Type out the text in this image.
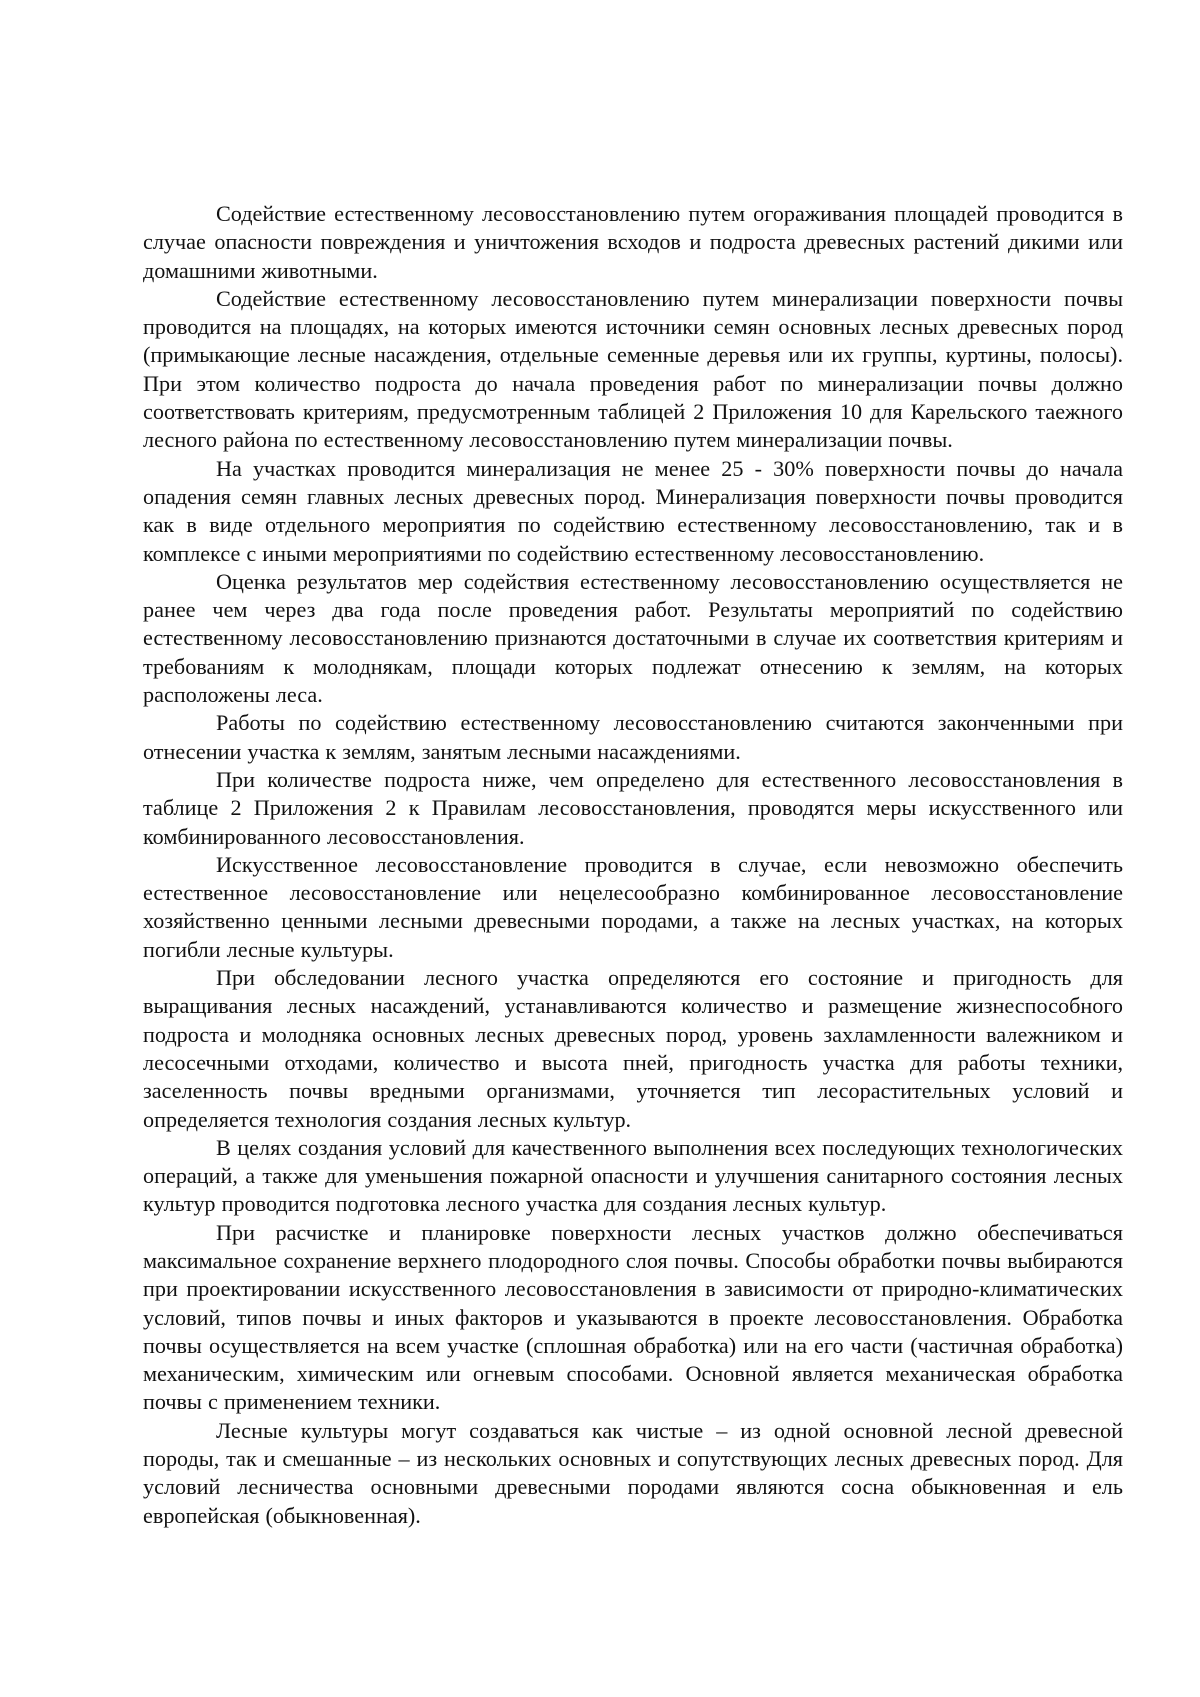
Содействие естественному лесовосстановлению путем огораживания площадей проводится в случае опасности повреждения и уничтожения всходов и подроста древесных растений дикими или домашними животными.

Содействие естественному лесовосстановлению путем минерализации поверхности почвы проводится на площадях, на которых имеются источники семян основных лесных древесных пород (примыкающие лесные насаждения, отдельные семенные деревья или их группы, куртины, полосы). При этом количество подроста до начала проведения работ по минерализации почвы должно соответствовать критериям, предусмотренным таблицей 2 Приложения 10 для Карельского таежного лесного района по естественному лесовосстановлению путем минерализации почвы.

На участках проводится минерализация не менее 25 - 30% поверхности почвы до начала опадения семян главных лесных древесных пород. Минерализация поверхности почвы проводится как в виде отдельного мероприятия по содействию естественному лесовосстановлению, так и в комплексе с иными мероприятиями по содействию естественному лесовосстановлению.

Оценка результатов мер содействия естественному лесовосстановлению осуществляется не ранее чем через два года после проведения работ. Результаты мероприятий по содействию естественному лесовосстановлению признаются достаточными в случае их соответствия критериям и требованиям к молоднякам, площади которых подлежат отнесению к землям, на которых расположены леса.

Работы по содействию естественному лесовосстановлению считаются законченными при отнесении участка к землям, занятым лесными насаждениями.

При количестве подроста ниже, чем определено для естественного лесовосстановления в таблице 2 Приложения 2 к Правилам лесовосстановления, проводятся меры искусственного или комбинированного лесовосстановления.

Искусственное лесовосстановление проводится в случае, если невозможно обеспечить естественное лесовосстановление или нецелесообразно комбинированное лесовосстановление хозяйственно ценными лесными древесными породами, а также на лесных участках, на которых погибли лесные культуры.

При обследовании лесного участка определяются его состояние и пригодность для выращивания лесных насаждений, устанавливаются количество и размещение жизнеспособного подроста и молодняка основных лесных древесных пород, уровень захламленности валежником и лесосечными отходами, количество и высота пней, пригодность участка для работы техники, заселенность почвы вредными организмами, уточняется тип лесорастительных условий и определяется технология создания лесных культур.

В целях создания условий для качественного выполнения всех последующих технологических операций, а также для уменьшения пожарной опасности и улучшения санитарного состояния лесных культур проводится подготовка лесного участка для создания лесных культур.

При расчистке и планировке поверхности лесных участков должно обеспечиваться максимальное сохранение верхнего плодородного слоя почвы. Способы обработки почвы выбираются при проектировании искусственного лесовосстановления в зависимости от природно-климатических условий, типов почвы и иных факторов и указываются в проекте лесовосстановления. Обработка почвы осуществляется на всем участке (сплошная обработка) или на его части (частичная обработка) механическим, химическим или огневым способами. Основной является механическая обработка почвы с применением техники.

Лесные культуры могут создаваться как чистые – из одной основной лесной древесной породы, так и смешанные – из нескольких основных и сопутствующих лесных древесных пород. Для условий лесничества основными древесными породами являются сосна обыкновенная и ель европейская (обыкновенная).
